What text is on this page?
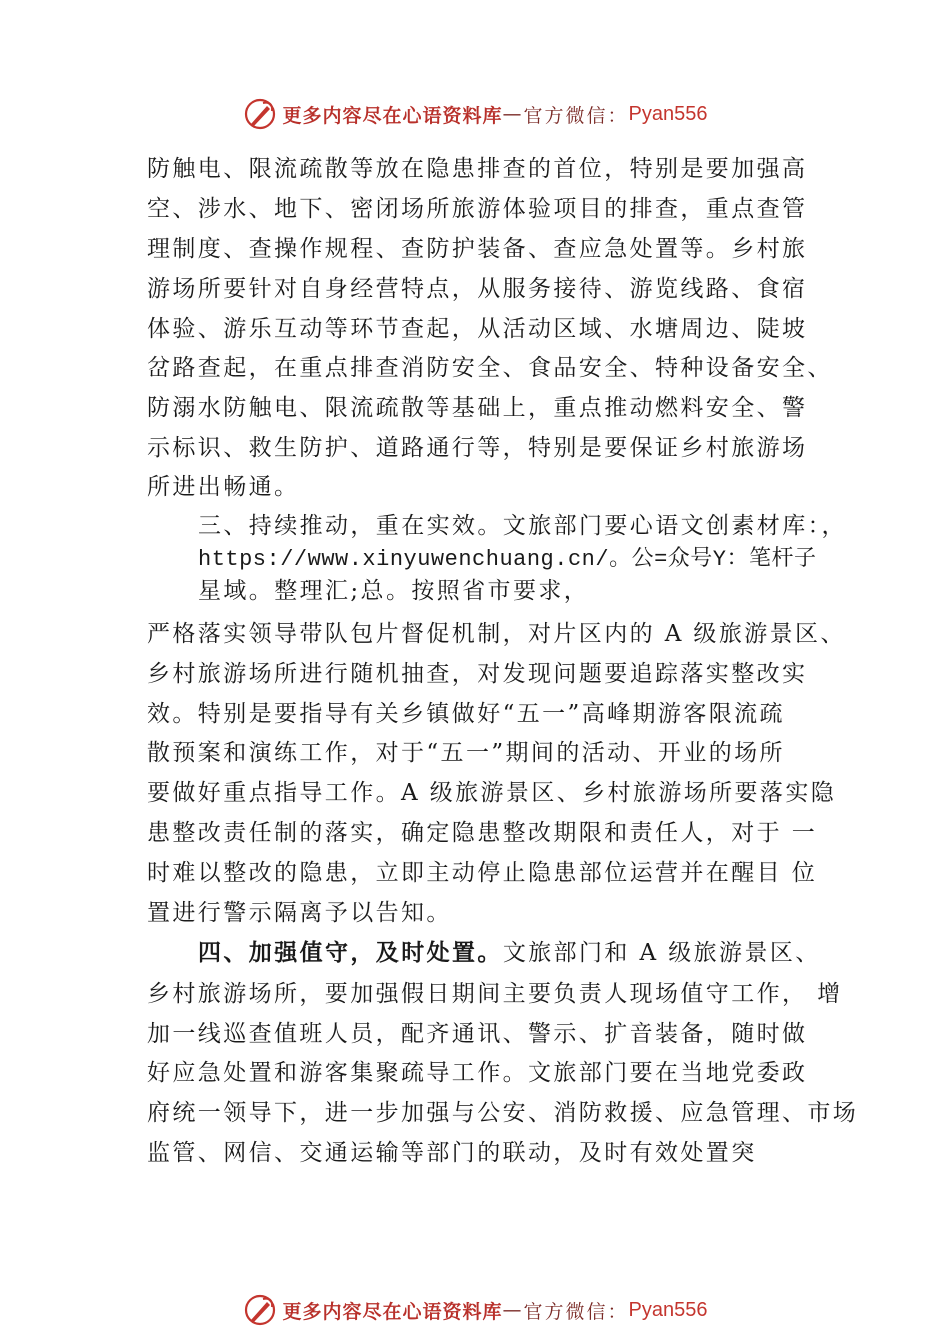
更多内容尽在心语资料库 — 官方微信： Pyan556
防触电、限流疏散等放在隐患排查的首位，特别是要加强高
空、涉水、地下、密闭场所旅游体验项目的排查，重点查管
理制度、查操作规程、查防护装备、查应急处置等。乡村旅
游场所要针对自身经营特点，从服务接待、游览线路、食宿
体验、游乐互动等环节查起，从活动区域、水塘周边、陡坡
岔路查起，在重点排查消防安全、食品安全、特种设备安全、
防溺水防触电、限流疏散等基础上，重点推动燃料安全、警
示标识、救生防护、道路通行等，特别是要保证乡村旅游场
所进出畅通。
三、持续推动，重在实效。文旅部门要心语文创素材库：，
https://www.xinyuwenchuang.cn/。公=众号Y：笔杆子
星域。整理汇;总。按照省市要求，
严格落实领导带队包片督促机制，对片区内的 A 级旅游景区、
乡村旅游场所进行随机抽查，对发现问题要追踪落实整改实
效。特别是要指导有关乡镇做好“五一”高峰期游客限流疏
散预案和演练工作，对于“五一”期间的活动、开业的场所
要做好重点指导工作。A 级旅游景区、乡村旅游场所要落实隐
患整改责任制的落实，确定隐患整改期限和责任人，对于 一
时难以整改的隐患，立即主动停止隐患部位运营并在醒目 位
置进行警示隔离予以告知。
四、加强值守，及时处置。文旅部门和 A 级旅游景区、
乡村旅游场所，要加强假日期间主要负责人现场值守工作， 增
加一线巡查值班人员，配齐通讯、警示、扩音装备，随时做
好应急处置和游客集聚疏导工作。文旅部门要在当地党委政
府统一领导下，进一步加强与公安、消防救援、应急管理、市场
监管、网信、交通运输等部门的联动，及时有效处置突
更多内容尽在心语资料库 — 官方微信： Pyan556
